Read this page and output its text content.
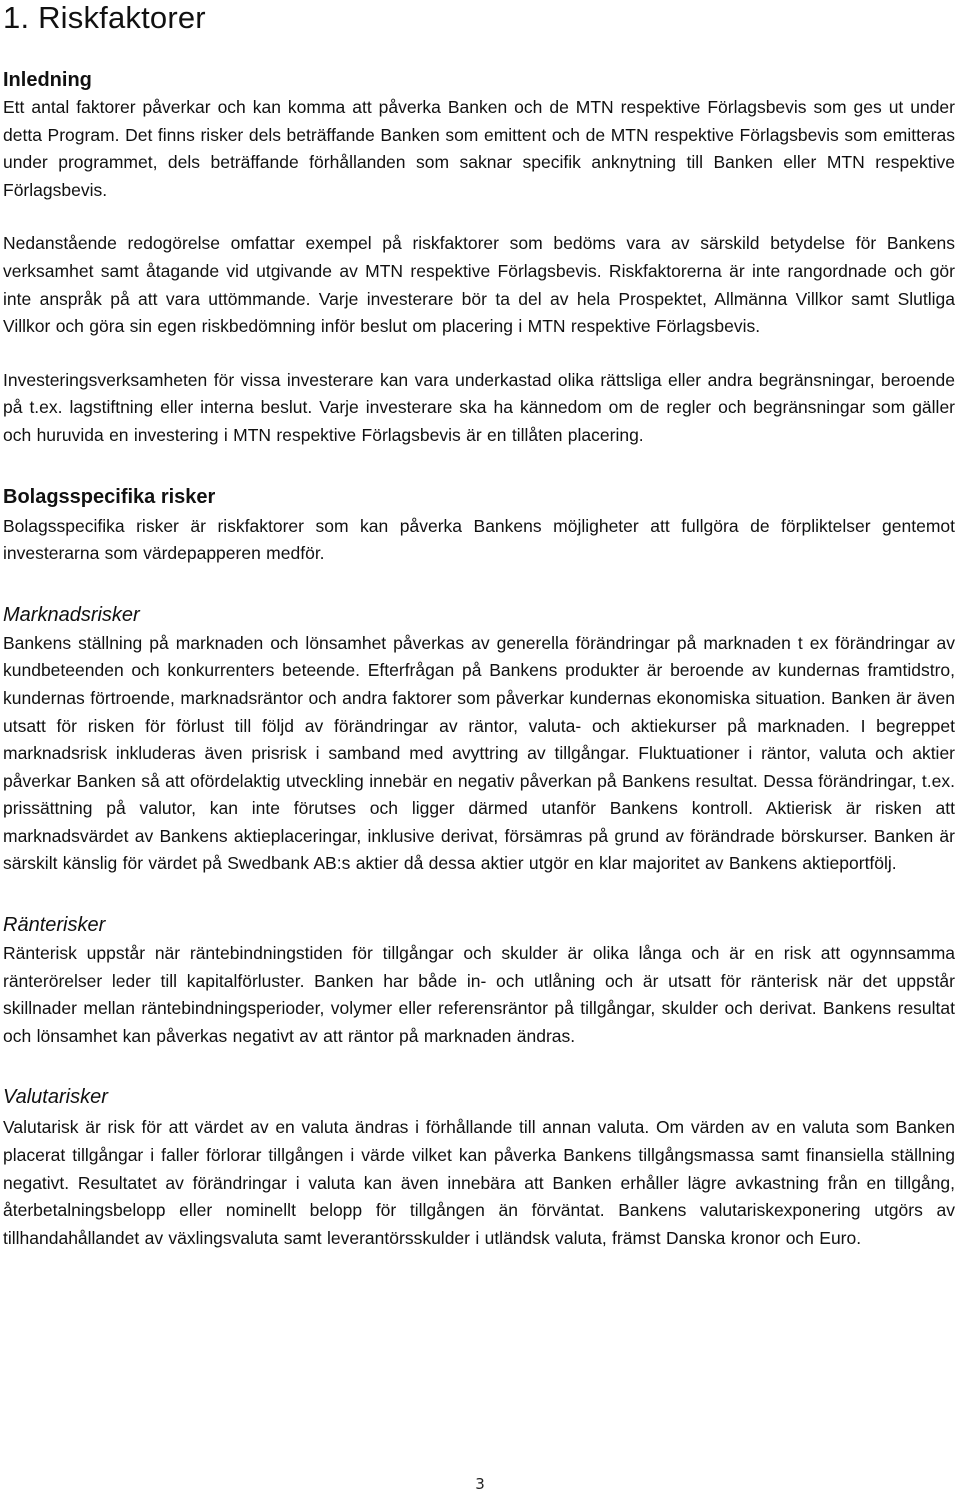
1. Riskfaktorer
Inledning

Ett antal faktorer påverkar och kan komma att påverka Banken och de MTN respektive Förlagsbevis som ges ut under detta Program. Det finns risker dels beträffande Banken som emittent och de MTN respektive Förlagsbevis som emitteras under programmet, dels beträffande förhållanden som saknar specifik anknytning till Banken eller MTN respektive Förlagsbevis.

Nedanstående redogörelse omfattar exempel på riskfaktorer som bedöms vara av särskild betydelse för Bankens verksamhet samt åtagande vid utgivande av MTN respektive Förlagsbevis. Riskfaktorerna är inte rangordnade och gör inte anspråk på att vara uttömmande. Varje investerare bör ta del av hela Prospektet, Allmänna Villkor samt Slutliga Villkor och göra sin egen riskbedömning inför beslut om placering i MTN respektive Förlagsbevis.

Investeringsverksamheten för vissa investerare kan vara underkastad olika rättsliga eller andra begränsningar, beroende på t.ex. lagstiftning eller interna beslut. Varje investerare ska ha kännedom om de regler och begränsningar som gäller och huruvida en investering i MTN respektive Förlagsbevis är en tillåten placering.

Bolagsspecifika risker

Bolagsspecifika risker är riskfaktorer som kan påverka Bankens möjligheter att fullgöra de förpliktelser gentemot investerarna som värdepapperen medför.

Marknadsrisker

Bankens ställning på marknaden och lönsamhet påverkas av generella förändringar på marknaden t ex förändringar av kundbeteenden och konkurrenters beteende. Efterfrågan på Bankens produkter är beroende av kundernas framtidstro, kundernas förtroende, marknadsräntor och andra faktorer som påverkar kundernas ekonomiska situation. Banken är även utsatt för risken för förlust till följd av förändringar av räntor, valuta- och aktiekurser på marknaden. I begreppet marknadsrisk inkluderas även prisrisk i samband med avyttring av tillgångar. Fluktuationer i räntor, valuta och aktier påverkar Banken så att ofördelaktig utveckling innebär en negativ påverkan på Bankens resultat. Dessa förändringar, t.ex. prissättning på valutor, kan inte förutses och ligger därmed utanför Bankens kontroll. Aktierisk är risken att marknadsvärdet av Bankens aktieplaceringar, inklusive derivat, försämras på grund av förändrade börskurser. Banken är särskilt känslig för värdet på Swedbank AB:s aktier då dessa aktier utgör en klar majoritet av Bankens aktieportfölj.

Ränterisker

Ränterisk uppstår när räntebindningstiden för tillgångar och skulder är olika långa och är en risk att ogynnsamma ränterörelser leder till kapitalförluster. Banken har både in- och utlåning och är utsatt för ränterisk när det uppstår skillnader mellan räntebindningsperioder, volymer eller referensräntor på tillgångar, skulder och derivat. Bankens resultat och lönsamhet kan påverkas negativt av att räntor på marknaden ändras.

Valutarisker

Valutarisk är risk för att värdet av en valuta ändras i förhållande till annan valuta. Om värden av en valuta som Banken placerat tillgångar i faller förlorar tillgången i värde vilket kan påverka Bankens tillgångsmassa samt finansiella ställning negativt. Resultatet av förändringar i valuta kan även innebära att Banken erhåller lägre avkastning från en tillgång, återbetalningsbelopp eller nominellt belopp för tillgången än förväntat. Bankens valutariskexponering utgörs av tillhandahållandet av växlingsvaluta samt leverantörsskulder i utländsk valuta, främst Danska kronor och Euro.

3
